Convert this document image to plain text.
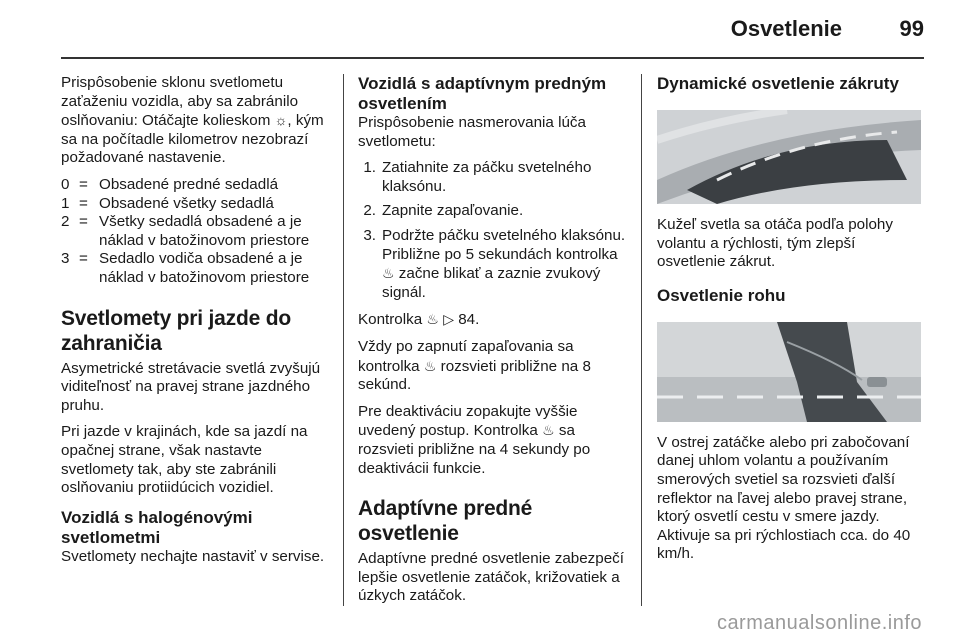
Osvetlenie	99

Prispôsobenie sklonu svetlometu zaťaženiu vozidla, aby sa zabránilo oslňovaniu: Otáčajte kolieskom ☼, kým sa na počítadle kilometrov nezobrazí požadované nastavenie.

0 = Obsadené predné sedadlá
1 = Obsadené všetky sedadlá
2 = Všetky sedadlá obsadené a je náklad v batožinovom priestore
3 = Sedadlo vodiča obsadené a je náklad v batožinovom priestore
Svetlomety pri jazde do zahraničia

Asymetrické stretávacie svetlá zvyšujú viditeľnosť na pravej strane jazdného pruhu.

Pri jazde v krajinách, kde sa jazdí na opačnej strane, však nastavte svetlomety tak, aby ste zabránili oslňovaniu protiidúcich vozidiel.

Vozidlá s halogénovými svetlometmi

Svetlomety nechajte nastaviť v servise.

Vozidlá s adaptívnym predným osvetlením

Prispôsobenie nasmerovania lúča svetlometu:

1. Zatiahnite za páčku svetelného klaksónu.
2. Zapnite zapaľovanie.
3. Podržte páčku svetelného klaksónu. Približne po 5 sekundách kontrolka ♨ začne blikať a zaznie zvukový signál.

Kontrolka ♨ ▷ 84.

Vždy po zapnutí zapaľovania sa kontrolka ♨ rozsvieti približne na 8 sekúnd.

Pre deaktiváciu zopakujte vyššie uvedený postup. Kontrolka ♨ sa rozsvieti približne na 4 sekundy po deaktivácii funkcie.

Adaptívne predné osvetlenie

Adaptívne predné osvetlenie zabezpečí lepšie osvetlenie zatáčok, križovatiek a úzkych zatáčok.

Dynamické osvetlenie zákruty

Kužeľ svetla sa otáča podľa polohy volantu a rýchlosti, tým zlepší osvetlenie zákrut.

Osvetlenie rohu

V ostrej zatáčke alebo pri zabočovaní danej uhlom volantu a používaním smerových svetiel sa rozsvieti ďalší reflektor na ľavej alebo pravej strane, ktorý osvetlí cestu v smere jazdy. Aktivuje sa pri rýchlostiach cca. do 40 km/h.

carmanualsonline.info
